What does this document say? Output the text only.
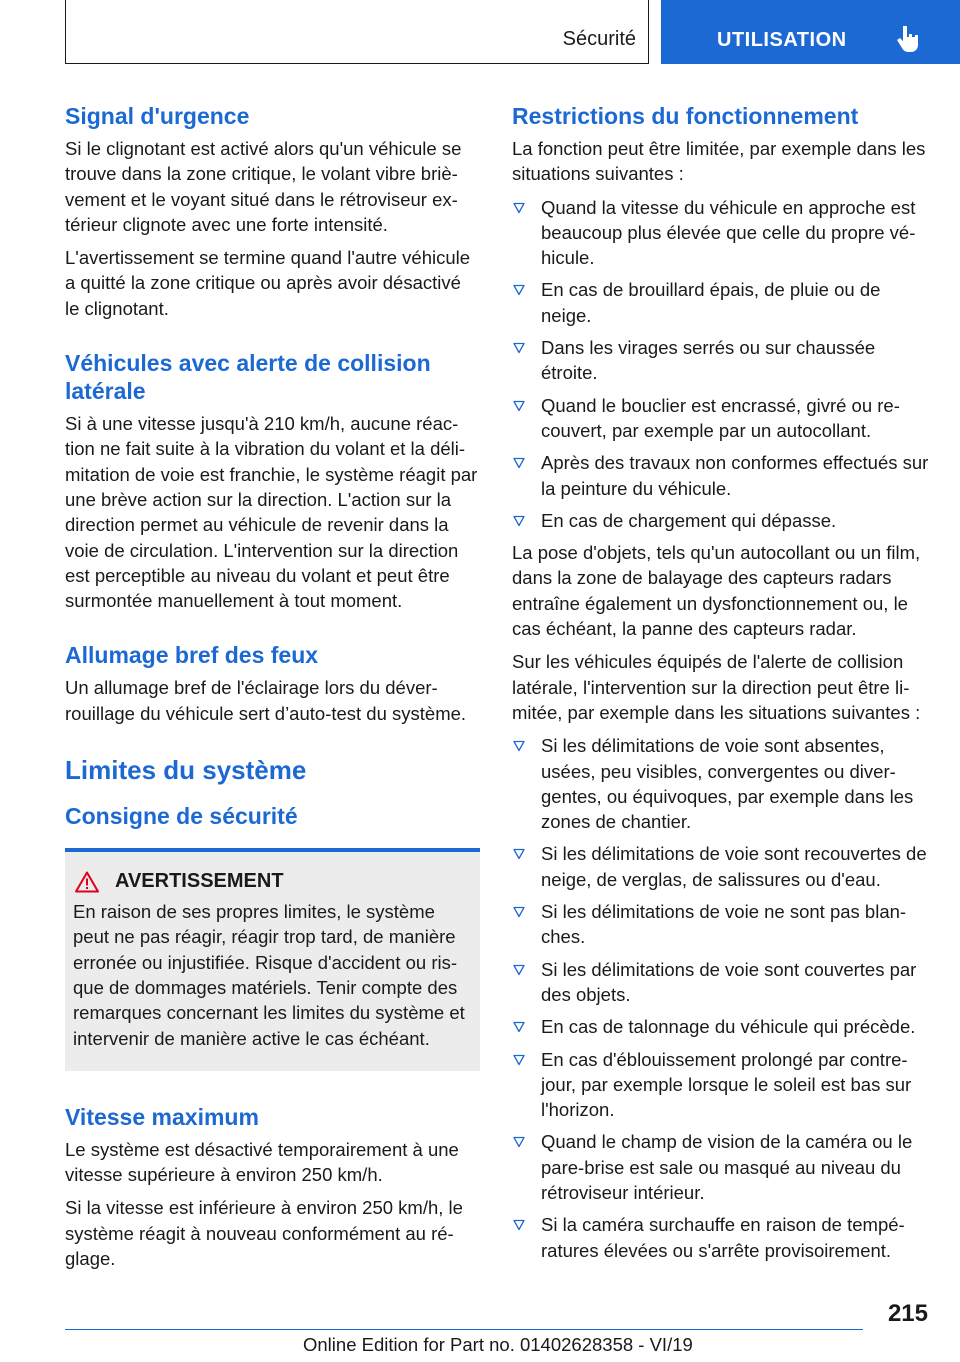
Sécurité	UTILISATION
Signal d'urgence

Si le clignotant est activé alors qu'un véhicule se trouve dans la zone critique, le volant vibre brièvement et le voyant situé dans le rétroviseur extérieur clignote avec une forte intensité.

L'avertissement se termine quand l'autre véhicule a quitté la zone critique ou après avoir désactivé le clignotant.

Véhicules avec alerte de collision latérale

Si à une vitesse jusqu'à 210 km/h, aucune réaction ne fait suite à la vibration du volant et la délimitation de voie est franchie, le système réagit par une brève action sur la direction. L'action sur la direction permet au véhicule de revenir dans la voie de circulation. L'intervention sur la direction est perceptible au niveau du volant et peut être surmontée manuellement à tout moment.

Allumage bref des feux

Un allumage bref de l'éclairage lors du déverrouillage du véhicule sert d’auto-test du système.

Limites du système
Consigne de sécurité
AVERTISSEMENT

En raison de ses propres limites, le système peut ne pas réagir, réagir trop tard, de manière erronée ou injustifiée. Risque d'accident ou risque de dommages matériels. Tenir compte des remarques concernant les limites du système et intervenir de manière active le cas échéant.

Vitesse maximum

Le système est désactivé temporairement à une vitesse supérieure à environ 250 km/h.

Si la vitesse est inférieure à environ 250 km/h, le système réagit à nouveau conformément au réglage.

Restrictions du fonctionnement

La fonction peut être limitée, par exemple dans les situations suivantes :

Quand la vitesse du véhicule en approche est beaucoup plus élevée que celle du propre véhicule.
En cas de brouillard épais, de pluie ou de neige.
Dans les virages serrés ou sur chaussée étroite.
Quand le bouclier est encrassé, givré ou recouvert, par exemple par un autocollant.
Après des travaux non conformes effectués sur la peinture du véhicule.
En cas de chargement qui dépasse.

La pose d'objets, tels qu'un autocollant ou un film, dans la zone de balayage des capteurs radars entraîne également un dysfonctionnement ou, le cas échéant, la panne des capteurs radar.

Sur les véhicules équipés de l'alerte de collision latérale, l'intervention sur la direction peut être limitée, par exemple dans les situations suivantes :

Si les délimitations de voie sont absentes, usées, peu visibles, convergentes ou divergentes, ou équivoques, par exemple dans les zones de chantier.
Si les délimitations de voie sont recouvertes de neige, de verglas, de salissures ou d'eau.
Si les délimitations de voie ne sont pas blanches.
Si les délimitations de voie sont couvertes par des objets.
En cas de talonnage du véhicule qui précède.
En cas d'éblouissement prolongé par contrejour, par exemple lorsque le soleil est bas sur l'horizon.
Quand le champ de vision de la caméra ou le pare-brise est sale ou masqué au niveau du rétroviseur intérieur.
Si la caméra surchauffe en raison de températures élevées ou s'arrête provisoirement.
215
Online Edition for Part no. 01402628358 - VI/19
